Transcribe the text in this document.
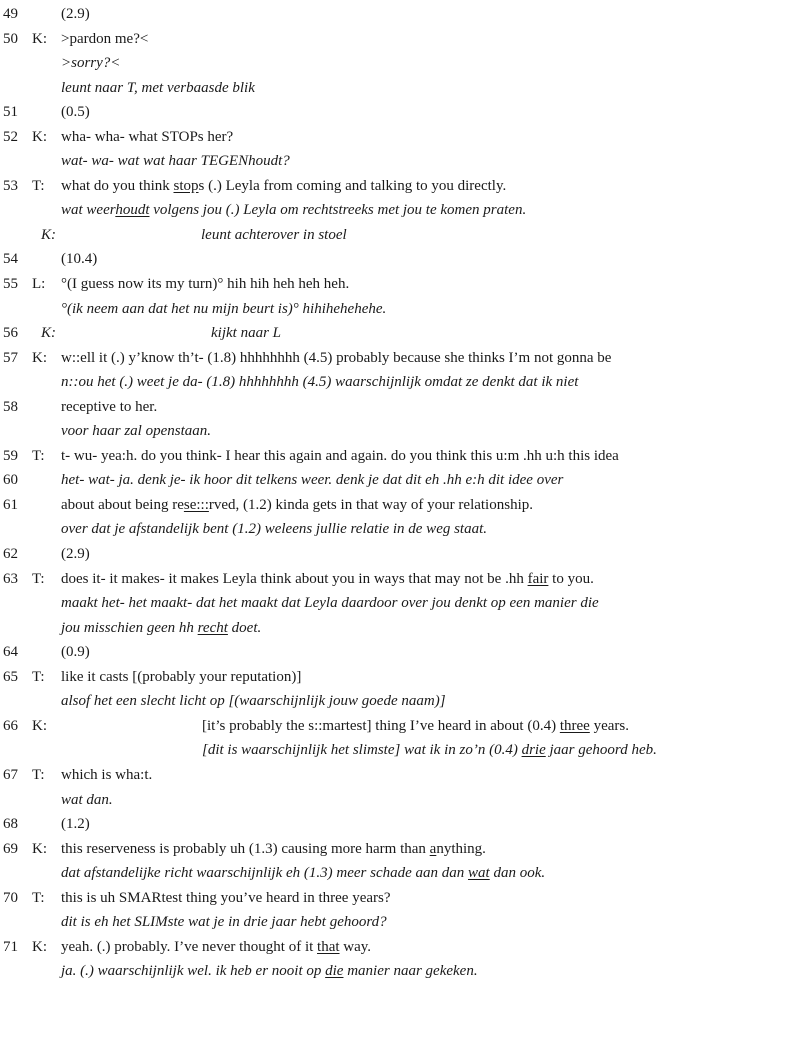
49	(2.9)
50 K: >pardon me?<
>sorry?<
leunt naar T, met verbaasde blik
51	(0.5)
52 K: wha- wha- what STOPs her?
wat- wa- wat wat haar TEGENhoudt?
53 T: what do you think stops (.) Leyla from coming and talking to you directly.
wat weerhoudt volgens jou (.) Leyla om rechtstreeks met jou te komen praten.
K:	leunt achterover in stoel
54	(10.4)
55 L: °(I guess now its my turn)° hih hih heh heh heh.
°(ik neem aan dat het nu mijn beurt is)° hihihehehehe.
56 K:	kijkt naar L
57 K: w::ell it (.) y’know th’t- (1.8) hhhhhhhh (4.5) probably because she thinks I’m not gonna be
n::ou het (.) weet je da- (1.8) hhhhhhhh (4.5) waarschijnlijk omdat ze denkt dat ik niet
58	receptive to her.
voor haar zal openstaan.
59 T: t- wu- yea:h. do you think- I hear this again and again. do you think this u:m .hh u:h this idea
60	het- wat- ja. denk je- ik hoor dit telkens weer. denk je dat dit eh .hh e:h dit idee over
61	about about being rese:::rved, (1.2) kinda gets in that way of your relationship.
over dat je afstandelijk bent (1.2) weleens jullie relatie in de weg staat.
62	(2.9)
63 T: does it- it makes- it makes Leyla think about you in ways that may not be .hh fair to you.
maakt het- het maakt- dat het maakt dat Leyla daardoor over jou denkt op een manier die
jou misschien geen hh recht doet.
64	(0.9)
65 T: like it casts [(probably your reputation)]
alsof het een slecht licht op [(waarschijnlijk jouw goede naam)]
66 K:	[it’s probably the s::martest] thing I’ve heard in about (0.4) three years.
[dit is waarschijnlijk het slimste] wat ik in zo’n (0.4) drie jaar gehoord heb.
67 T: which is wha:t.
wat dan.
68	(1.2)
69 K: this reserveness is probably uh (1.3) causing more harm than anything.
dat afstandelijke richt waarschijnlijk eh (1.3) meer schade aan dan wat dan ook.
70 T: this is uh SMARtest thing you’ve heard in three years?
dit is eh het SLIMste wat je in drie jaar hebt gehoord?
71 K: yeah. (.) probably. I’ve never thought of it that way.
ja. (.) waarschijnlijk wel. ik heb er nooit op die manier naar gekeken.
